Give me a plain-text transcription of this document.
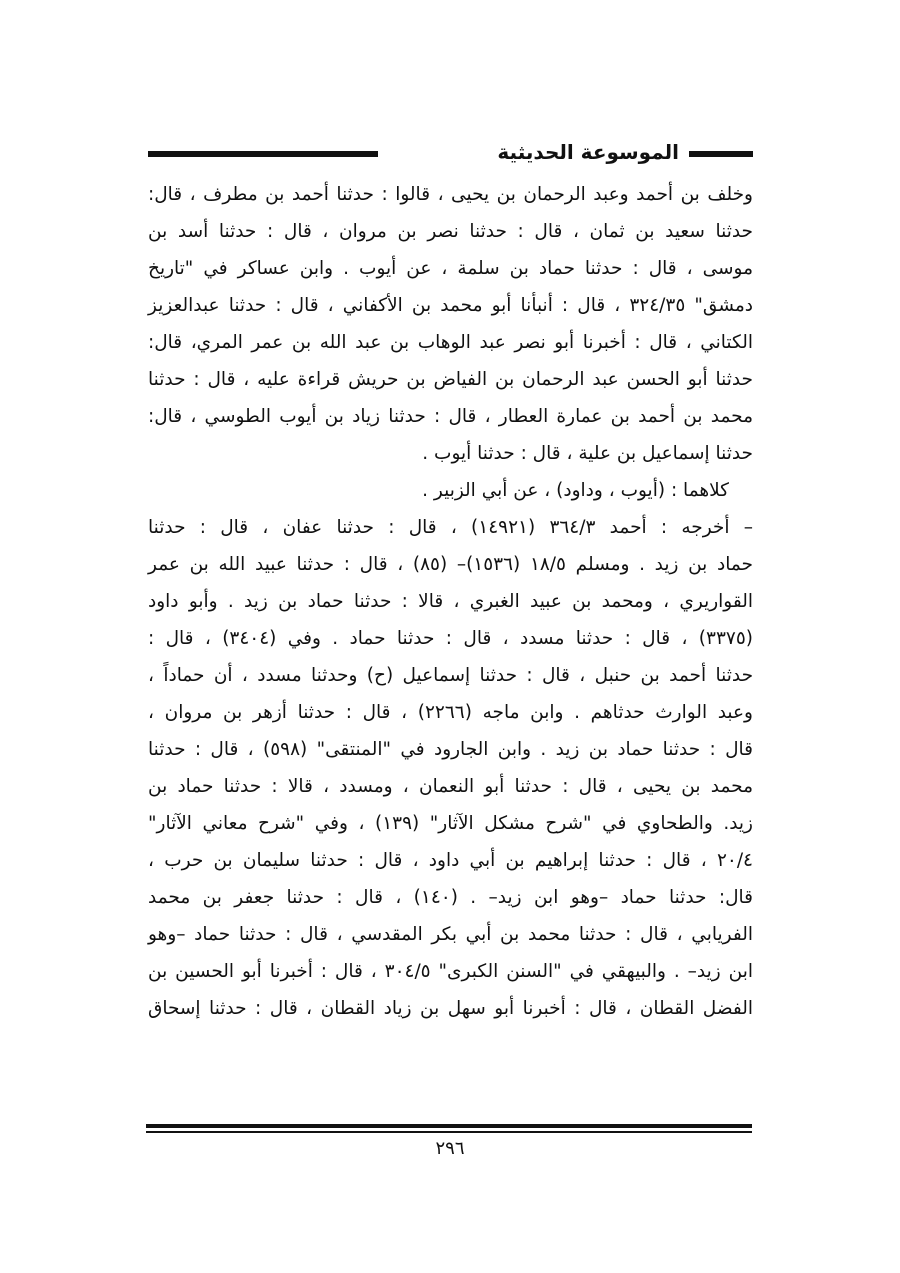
الموسوعة الحديثية
وخلف بن أحمد وعبد الرحمان بن يحيى ، قالوا : حدثنا أحمد بن مطرف ، قال:
حدثنا سعيد بن ثمان ، قال : حدثنا نصر بن مروان ، قال : حدثنا أسد بن
موسى ، قال : حدثنا حماد بن سلمة ، عن أيوب . وابن عساكر في "تاريخ
دمشق" ٣٢٤/٣٥ ، قال : أنبأنا أبو محمد بن الأكفاني ، قال : حدثنا عبدالعزيز
الكتاني ، قال : أخبرنا أبو نصر عبد الوهاب بن عبد الله بن عمر المري، قال:
حدثنا أبو الحسن عبد الرحمان بن الفياض بن حريش قراءة عليه ، قال : حدثنا
محمد بن أحمد بن عمارة العطار ، قال : حدثنا زياد بن أيوب الطوسي ، قال:
حدثنا إسماعيل بن علية ، قال : حدثنا أيوب .
كلاهما : (أيوب ، وداود) ، عن أبي الزبير .
– أخرجه : أحمد ٣٦٤/٣ (١٤٩٢١) ، قال : حدثنا عفان ، قال : حدثنا
حماد بن زيد . ومسلم ١٨/٥ (١٥٣٦)– (٨٥) ، قال : حدثنا عبيد الله بن عمر
القواريري ، ومحمد بن عبيد الغبري ، قالا : حدثنا حماد بن زيد . وأبو داود
(٣٣٧٥) ، قال : حدثنا مسدد ، قال : حدثنا حماد . وفي (٣٤٠٤) ، قال :
حدثنا أحمد بن حنبل ، قال : حدثنا إسماعيل (ح) وحدثنا مسدد ، أن حماداً ،
وعبد الوارث حدثاهم . وابن ماجه (٢٢٦٦) ، قال : حدثنا أزهر بن مروان ،
قال : حدثنا حماد بن زيد . وابن الجارود في "المنتقى" (٥٩٨) ، قال : حدثنا
محمد بن يحيى ، قال : حدثنا أبو النعمان ، ومسدد ، قالا : حدثنا حماد بن
زيد. والطحاوي في "شرح مشكل الآثار" (١٣٩) ، وفي "شرح معاني الآثار"
٢٠/٤ ، قال : حدثنا إبراهيم بن أبي داود ، قال : حدثنا سليمان بن حرب ،
قال: حدثنا حماد –وهو ابن زيد– . (١٤٠) ، قال : حدثنا جعفر بن محمد
الفريابي ، قال : حدثنا محمد بن أبي بكر المقدسي ، قال : حدثنا حماد –وهو
ابن زيد– . والبيهقي في "السنن الكبرى" ٣٠٤/٥ ، قال : أخبرنا أبو الحسين بن
الفضل القطان ، قال : أخبرنا أبو سهل بن زياد القطان ، قال : حدثنا إسحاق
٢٩٦
